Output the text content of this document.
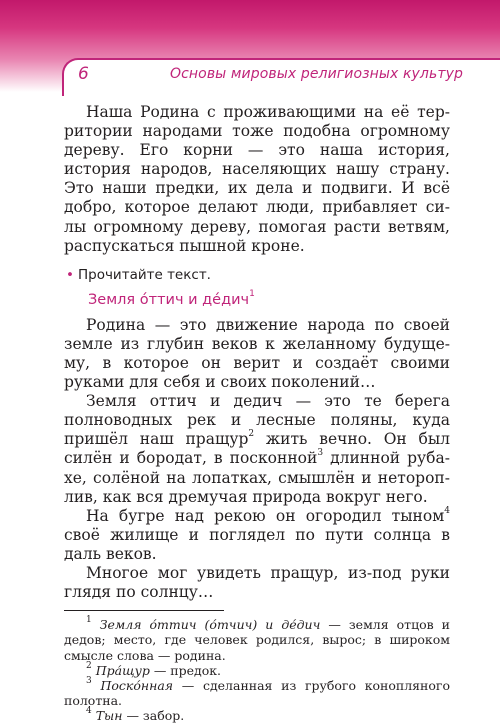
6	Основы мировых религиозных культур

Наша Родина с проживающими на её территории народами тоже подобна огромному дереву. Его корни — это наша история, история народов, населяющих нашу страну. Это наши предки, их дела и подвиги. И всё добро, которое делают люди, прибавляет силы огромному дереву, помогая расти ветвям, распускаться пышной кроне.

• Прочитайте текст.
Земля о́ттич и де́дич$^1$

Родина — это движение народа по своей земле из глубин веков к желанному будущему, в которое он верит и создаёт своими руками для себя и своих поколений…

Земля оттич и дедич — это те берега полноводных рек и лесные поляны, куда пришёл наш пращур$^2$ жить вечно. Он был силён и бородат, в посконной$^3$ длинной рубахе, солёной на лопатках, смышлён и нетороплив, как вся дремучая природа вокруг него.

На бугре над рекою он огородил тыном$^4$ своё жилище и поглядел по пути солнца в даль веков.

Многое мог увидеть пращур, из-под руки глядя по солнцу…

$^1$ Земля о́ттич (о́тчич) и де́дич — земля отцов и дедов; место, где человек родился, вырос; в широком смысле слова — родина.

$^2$ Пра́щур — предок.

$^3$ Поско́нная — сделанная из грубого конопляного полотна.

$^4$ Тын — забор.
